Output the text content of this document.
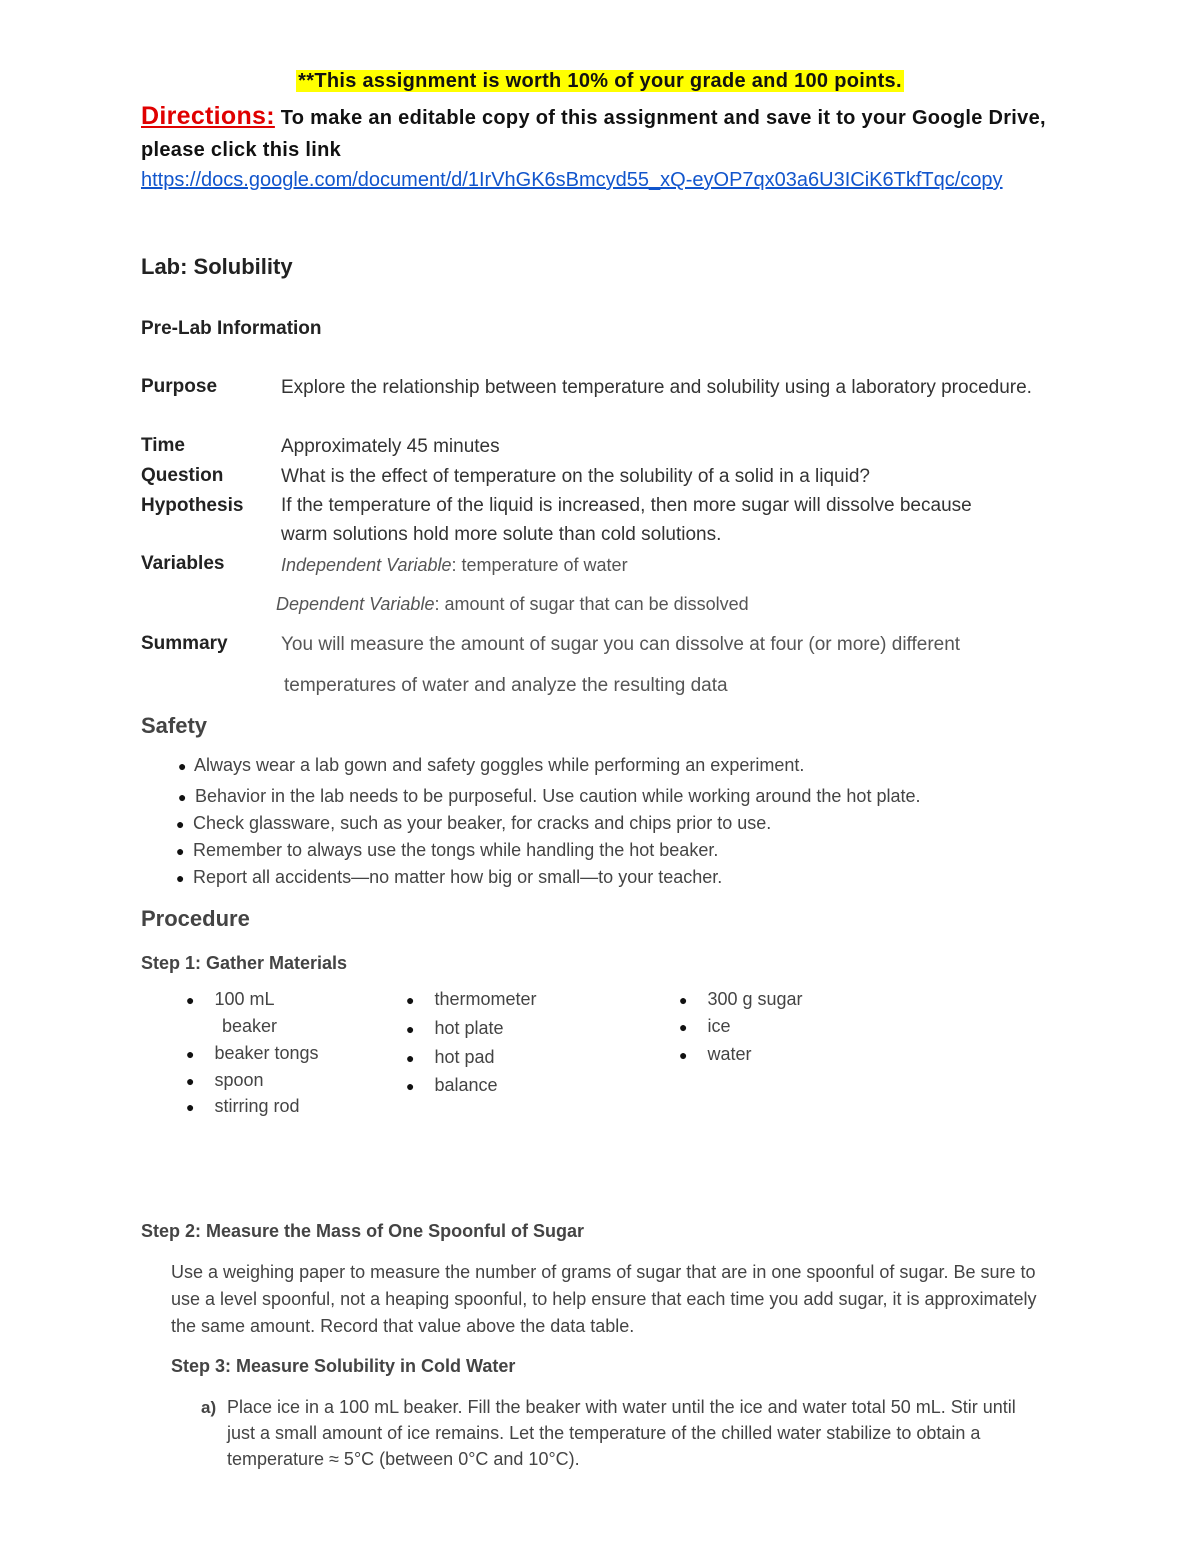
**This assignment is worth 10% of your grade and 100 points.
Directions: To make an editable copy of this assignment and save it to your Google Drive, please click this link
https://docs.google.com/document/d/1IrVhGK6sBmcyd55_xQ-eyOP7qx03a6U3ICiK6TkfTqc/copy
Lab: Solubility
Pre-Lab Information
Purpose	Explore the relationship between temperature and solubility using a laboratory procedure.
Time	Approximately 45 minutes
Question	What is the effect of temperature on the solubility of a solid in a liquid?
Hypothesis If the temperature of the liquid is increased, then more sugar will dissolve because warm solutions hold more solute than cold solutions.
Variables	Independent Variable: temperature of water
Dependent Variable: amount of sugar that can be dissolved
Summary	You will measure the amount of sugar you can dissolve at four (or more) different
temperatures of water and analyze the resulting data
Safety
● Always wear a lab gown and safety goggles while performing an experiment.
● Behavior in the lab needs to be purposeful. Use caution while working around the hot plate.
● Check glassware, such as your beaker, for cracks and chips prior to use.
● Remember to always use the tongs while handling the hot beaker.
● Report all accidents—no matter how big or small—to your teacher.
Procedure
Step 1: Gather Materials
● 100 mL
beaker
● beaker tongs
● spoon
● stirring rod
● thermometer
● hot plate
● hot pad
● balance
● 300 g sugar
● ice
● water
Step 2: Measure the Mass of One Spoonful of Sugar
Use a weighing paper to measure the number of grams of sugar that are in one spoonful of sugar. Be sure to use a level spoonful, not a heaping spoonful, to help ensure that each time you add sugar, it is approximately the same amount. Record that value above the data table.
Step 3: Measure Solubility in Cold Water
a) Place ice in a 100 mL beaker. Fill the beaker with water until the ice and water total 50 mL. Stir until just a small amount of ice remains. Let the temperature of the chilled water stabilize to obtain a temperature ≈ 5°C (between 0°C and 10°C).
